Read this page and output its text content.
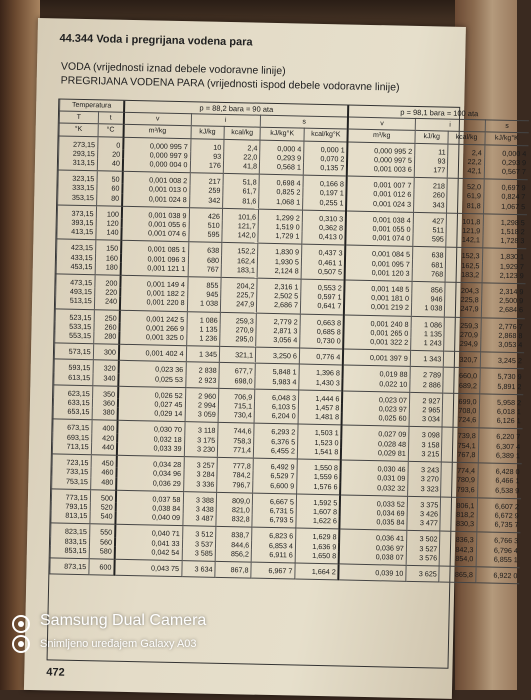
44.344 Voda i pregrijana vodena para
VODA (vrijednosti iznad debele vodoravne linije)
PREGRIJANA VODENA PARA (vrijednosti ispod debele vodoravne linije)
Temperatura		p = 88,2 bara = 90 ata					p = 98,1 bara = 100 ata			
T	t	v	i		s		v	i		s
°K	°C	m³/kg	kJ/kg	kcal/kg	kJ/kg°K	kcal/kg°K	m³/kg	kJ/kg	kcal/kg	kJ/kg°K
273,15	0	0,000 995 7	10	2,4	0,000 4	0,000 1	0,000 995 2	11	2,4	0,000 4
293,15	20	0,000 997 9	93	22,0	0,293 9	0,070 2	0,000 997 5	93	22,2	0,293 9
313,15	40	0,000 004 0	176	41,8	0,568 1	0,135 7	0,001 003 6	177	42,1	0,567 7
323,15	50	0,001 008 2	217	51,8	0,698 4	0,166 8	0,001 007 7	218	52,0	0,697 9
333,15	60	0,001 013 0	259	61,7	0,825 2	0,197 1	0,001 012 6	260	61,9	0,824 7
353,15	80	0,001 024 8	342	81,6	1,068 1	0,255 1	0,001 024 3	343	81,8	1,067 5
373,15	100	0,001 038 9	426	101,6	1,299 2	0,310 3	0,001 038 4	427	101,8	1,298 5
393,15	120	0,001 055 6	510	121,7	1,519 0	0,362 8	0,001 055 0	511	121,9	1,518 2
413,15	140	0,001 074 6	595	142,0	1,729 1	0,413 0	0,001 074 0	595	142,1	1,728 3
423,15	150	0,001 085 1	638	152,2	1,830 9	0,437 3	0,001 084 5	638	152,3	1,830 1
433,15	160	0,001 096 3	680	162,4	1,930 5	0,461 1	0,001 095 7	681	162,5	1,929 7
453,15	180	0,001 121 1	767	183,1	2,124 8	0,507 5	0,001 120 3	768	183,2	2,123 9
473,15	200	0,001 149 4	855	204,2	2,316 1	0,553 2	0,001 148 5	856	204,3	2,314 9
493,15	220	0,001 182 2	945	225,7	2,502 5	0,597 1	0,001 181 0	946	225,8	2,500 9
513,15	240	0,001 220 8	1 038	247,9	2,686 7	0,641 7	0,001 219 2	1 038	247,9	2,684 6
523,15	250	0,001 242 5	1 086	259,3	2,779 2	0,663 8	0,001 240 8	1 086	259,3	2,776 7
533,15	260	0,001 266 9	1 135	270,9	2,871 3	0,685 8	0,001 265 0	1 135	270,9	2,868 8
553,15	280	0,001 325 0	1 236	295,0	3,056 4	0,730 0	0,001 322 2	1 243	294,9	3,053 4
573,15	300	0,001 402 4	1 345	321,1	3,250 6	0,776 4	0,001 397 9	1 343	320,7	3,245 2
593,15	320	0,023 36	2 838	677,7	5,848 1	1,396 8	0,019 88	2 789	660,0	5,730 9
613,15	340	0,025 53	2 923	698,0	5,983 4	1,430 3	0,022 10	2 886	689,2	5,891 2
623,15	350	0,026 52	2 960	706,9	6,048 3	1,444 6	0,023 07	2 927	699,0	5,958 2
633,15	360	0,027 45	2 994	715,1	6,103 5	1,457 8	0,023 97	2 965	708,0	6,018 1
653,15	380	0,029 14	3 059	730,4	6,204 0	1,481 8	0,025 60	3 034	724,6	6,126 1
673,15	400	0,030 70	3 118	744,6	6,293 2	1,503 1	0,027 09	3 098	739,8	6,220 7
693,15	420	0,032 18	3 175	758,3	6,376 5	1,523 0	0,028 48	3 158	754,1	6,307 4
713,15	440	0,033 39	3 230	771,4	6,455 2	1,541 8	0,029 81	3 215	767,8	6,389 1
723,15	450	0,034 28	3 257	777,8	6,492 9	1,550 8	0,030 46	3 243	774,4	6,428 0
733,15	460	0,034 96	3 284	784,2	6,529 7	1,559 6	0,031 09	3 270	780,9	6,466 1
753,15	480	0,036 29	3 336	796,7	6,600 9	1,576 6	0,032 32	3 323	793,6	6,538 9
773,15	500	0,037 58	3 388	809,0	6,667 5	1,592 5	0,033 52	3 375	806,1	6,607 2
793,15	520	0,038 84	3 438	821,0	6,731 5	1,607 8	0,034 69	3 426	818,2	6,672 9
813,15	540	0,040 09	3 487	832,8	6,793 5	1,622 6	0,035 84	3 477	830,3	6,735 7
823,15	550	0,040 71	3 512	838,7	6,823 6	1,629 8	0,036 41	3 502	836,3	6,766 3
833,15	560	0,041 33	3 537	844,6	6,853 4	1,636 9	0,036 97	3 527	842,3	6,796 4
853,15	580	0,042 54	3 585	856,2	6,911 6	1,650 8	0,038 07	3 576	854,0	6,855 1
873,15	600	0,043 75	3 634	867,8	6,967 7	1,664 2	0,039 10	3 625	865,8	6,922 0
472
Samsung Dual Camera
Snimljeno uređajem Galaxy A03
